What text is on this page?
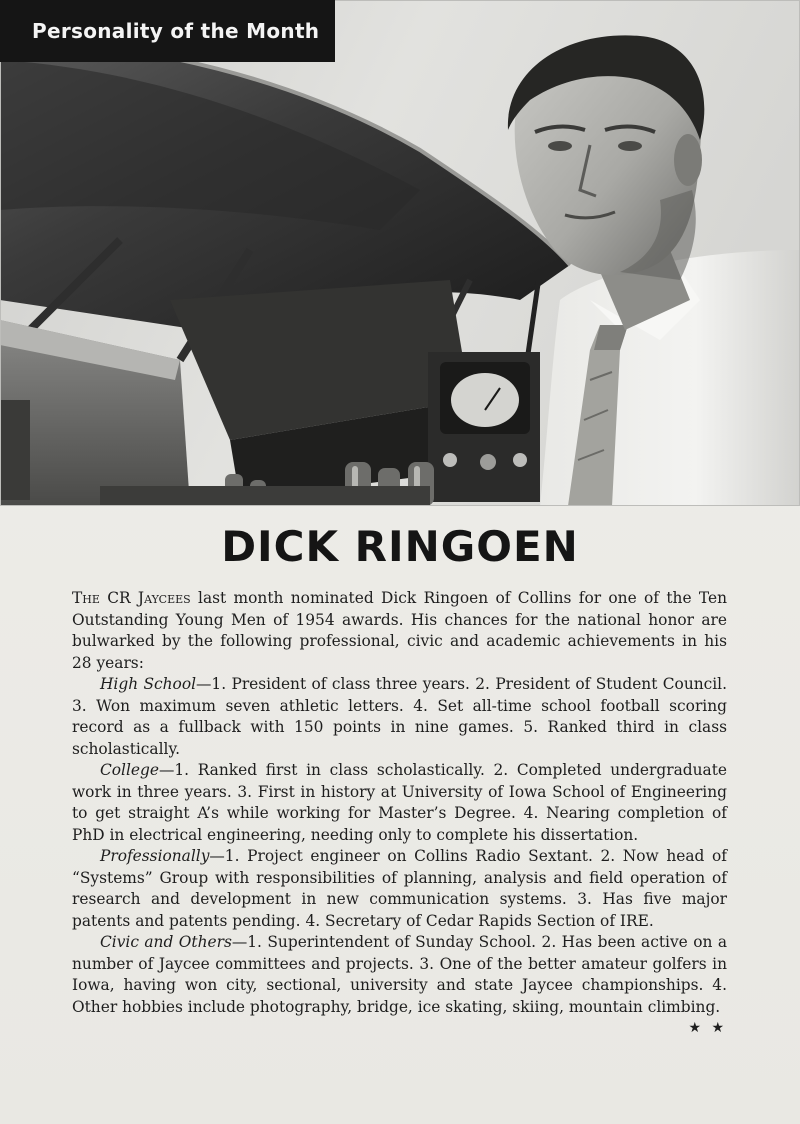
Personality of the Month
DICK RINGOEN

The CR Jaycees last month nominated Dick Ringoen of Collins for one of the Ten Outstanding Young Men of 1954 awards. His chances for the national honor are bulwarked by the following professional, civic and academic achievements in his 28 years:

High School—1. President of class three years. 2. President of Student Council. 3. Won maximum seven athletic letters. 4. Set all-time school football scoring record as a fullback with 150 points in nine games. 5. Ranked third in class scholastically.

College—1. Ranked first in class scholastically. 2. Completed undergraduate work in three years. 3. First in history at University of Iowa School of Engineering to get straight A’s while working for Master’s Degree. 4. Nearing completion of PhD in electrical engineering, needing only to complete his dissertation.

Professionally—1. Project engineer on Collins Radio Sextant. 2. Now head of “Systems” Group with responsibilities of planning, analysis and field operation of research and development in new communication systems. 3. Has five major patents and patents pending. 4. Secretary of Cedar Rapids Section of IRE.

Civic and Others—1. Superintendent of Sunday School. 2. Has been active on a number of Jaycee committees and projects. 3. One of the better amateur golfers in Iowa, having won city, sectional, university and state Jaycee championships. 4. Other hobbies include photography, bridge, ice skating, skiing, mountain climbing.
★ ★
